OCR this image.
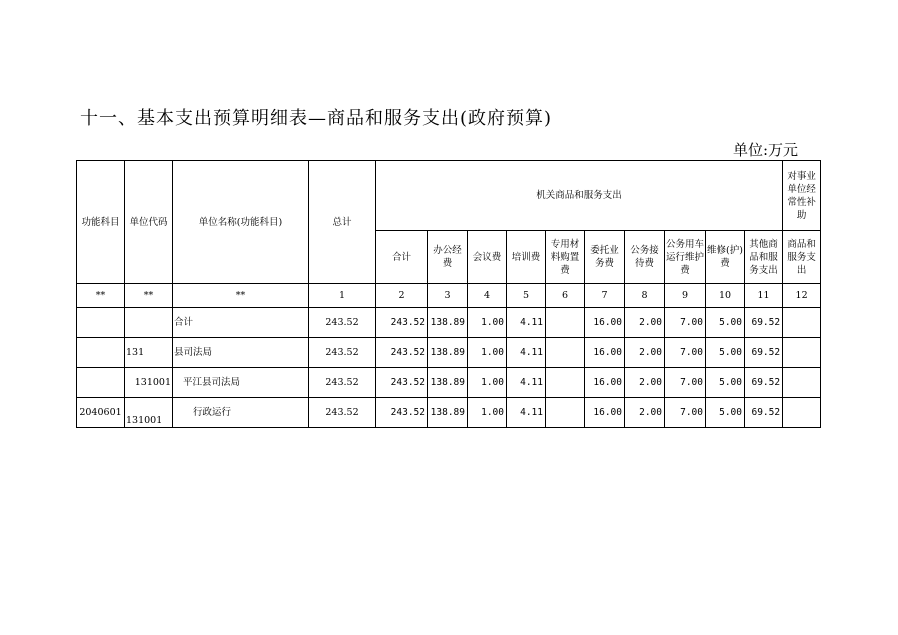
十一、基本支出预算明细表—商品和服务支出(政府预算)
单位:万元
功能科目	单位代码	单位名称(功能科目)	总计	机关商品和服务支出										对事业单位经常性补助
				合计	办公经费	会议费	培训费	专用材料购置费	委托业务费	公务接待费	公务用车运行维护费	维修(护)费	其他商品和服务支出	商品和服务支出
**	**	**	1	2	3	4	5	6	7	8	9	10	11	12
		合计	243.52	243.52	138.89	1.00	4.11		16.00	2.00	7.00	5.00	69.52	
	131	县司法局	243.52	243.52	138.89	1.00	4.11		16.00	2.00	7.00	5.00	69.52	
	131001	平江县司法局	243.52	243.52	138.89	1.00	4.11		16.00	2.00	7.00	5.00	69.52	
2040601	131001	行政运行	243.52	243.52	138.89	1.00	4.11		16.00	2.00	7.00	5.00	69.52	
